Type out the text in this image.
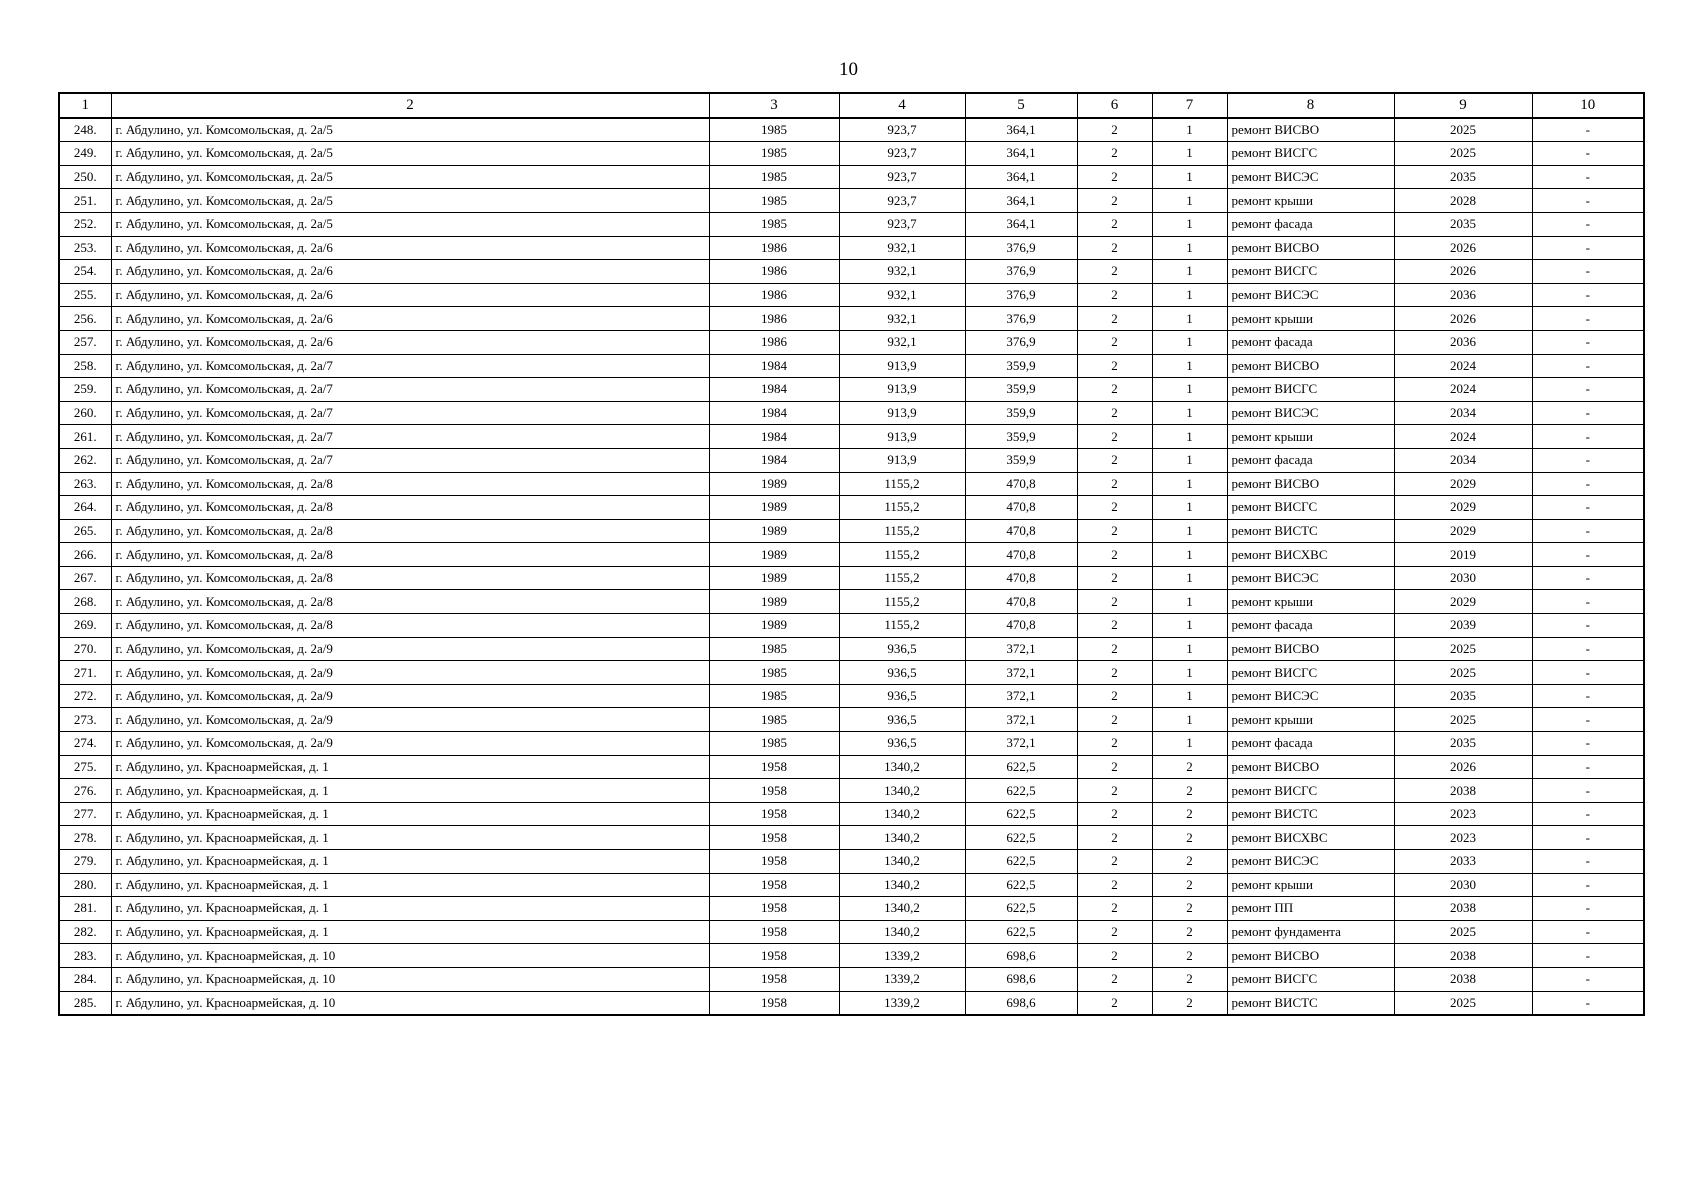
10
1	2	3	4	5	6	7	8	9	10
248.	г. Абдулино, ул. Комсомольская, д. 2а/5	1985	923,7	364,1	2	1	ремонт ВИСВО	2025	-
249.	г. Абдулино, ул. Комсомольская, д. 2а/5	1985	923,7	364,1	2	1	ремонт ВИСГС	2025	-
250.	г. Абдулино, ул. Комсомольская, д. 2а/5	1985	923,7	364,1	2	1	ремонт ВИСЭС	2035	-
251.	г. Абдулино, ул. Комсомольская, д. 2а/5	1985	923,7	364,1	2	1	ремонт крыши	2028	-
252.	г. Абдулино, ул. Комсомольская, д. 2а/5	1985	923,7	364,1	2	1	ремонт фасада	2035	-
253.	г. Абдулино, ул. Комсомольская, д. 2а/6	1986	932,1	376,9	2	1	ремонт ВИСВО	2026	-
254.	г. Абдулино, ул. Комсомольская, д. 2а/6	1986	932,1	376,9	2	1	ремонт ВИСГС	2026	-
255.	г. Абдулино, ул. Комсомольская, д. 2а/6	1986	932,1	376,9	2	1	ремонт ВИСЭС	2036	-
256.	г. Абдулино, ул. Комсомольская, д. 2а/6	1986	932,1	376,9	2	1	ремонт крыши	2026	-
257.	г. Абдулино, ул. Комсомольская, д. 2а/6	1986	932,1	376,9	2	1	ремонт фасада	2036	-
258.	г. Абдулино, ул. Комсомольская, д. 2а/7	1984	913,9	359,9	2	1	ремонт ВИСВО	2024	-
259.	г. Абдулино, ул. Комсомольская, д. 2а/7	1984	913,9	359,9	2	1	ремонт ВИСГС	2024	-
260.	г. Абдулино, ул. Комсомольская, д. 2а/7	1984	913,9	359,9	2	1	ремонт ВИСЭС	2034	-
261.	г. Абдулино, ул. Комсомольская, д. 2а/7	1984	913,9	359,9	2	1	ремонт крыши	2024	-
262.	г. Абдулино, ул. Комсомольская, д. 2а/7	1984	913,9	359,9	2	1	ремонт фасада	2034	-
263.	г. Абдулино, ул. Комсомольская, д. 2а/8	1989	1155,2	470,8	2	1	ремонт ВИСВО	2029	-
264.	г. Абдулино, ул. Комсомольская, д. 2а/8	1989	1155,2	470,8	2	1	ремонт ВИСГС	2029	-
265.	г. Абдулино, ул. Комсомольская, д. 2а/8	1989	1155,2	470,8	2	1	ремонт ВИСТС	2029	-
266.	г. Абдулино, ул. Комсомольская, д. 2а/8	1989	1155,2	470,8	2	1	ремонт ВИСХВС	2019	-
267.	г. Абдулино, ул. Комсомольская, д. 2а/8	1989	1155,2	470,8	2	1	ремонт ВИСЭС	2030	-
268.	г. Абдулино, ул. Комсомольская, д. 2а/8	1989	1155,2	470,8	2	1	ремонт крыши	2029	-
269.	г. Абдулино, ул. Комсомольская, д. 2а/8	1989	1155,2	470,8	2	1	ремонт фасада	2039	-
270.	г. Абдулино, ул. Комсомольская, д. 2а/9	1985	936,5	372,1	2	1	ремонт ВИСВО	2025	-
271.	г. Абдулино, ул. Комсомольская, д. 2а/9	1985	936,5	372,1	2	1	ремонт ВИСГС	2025	-
272.	г. Абдулино, ул. Комсомольская, д. 2а/9	1985	936,5	372,1	2	1	ремонт ВИСЭС	2035	-
273.	г. Абдулино, ул. Комсомольская, д. 2а/9	1985	936,5	372,1	2	1	ремонт крыши	2025	-
274.	г. Абдулино, ул. Комсомольская, д. 2а/9	1985	936,5	372,1	2	1	ремонт фасада	2035	-
275.	г. Абдулино, ул. Красноармейская, д. 1	1958	1340,2	622,5	2	2	ремонт ВИСВО	2026	-
276.	г. Абдулино, ул. Красноармейская, д. 1	1958	1340,2	622,5	2	2	ремонт ВИСГС	2038	-
277.	г. Абдулино, ул. Красноармейская, д. 1	1958	1340,2	622,5	2	2	ремонт ВИСТС	2023	-
278.	г. Абдулино, ул. Красноармейская, д. 1	1958	1340,2	622,5	2	2	ремонт ВИСХВС	2023	-
279.	г. Абдулино, ул. Красноармейская, д. 1	1958	1340,2	622,5	2	2	ремонт ВИСЭС	2033	-
280.	г. Абдулино, ул. Красноармейская, д. 1	1958	1340,2	622,5	2	2	ремонт крыши	2030	-
281.	г. Абдулино, ул. Красноармейская, д. 1	1958	1340,2	622,5	2	2	ремонт ПП	2038	-
282.	г. Абдулино, ул. Красноармейская, д. 1	1958	1340,2	622,5	2	2	ремонт фундамента	2025	-
283.	г. Абдулино, ул. Красноармейская, д. 10	1958	1339,2	698,6	2	2	ремонт ВИСВО	2038	-
284.	г. Абдулино, ул. Красноармейская, д. 10	1958	1339,2	698,6	2	2	ремонт ВИСГС	2038	-
285.	г. Абдулино, ул. Красноармейская, д. 10	1958	1339,2	698,6	2	2	ремонт ВИСТС	2025	-
